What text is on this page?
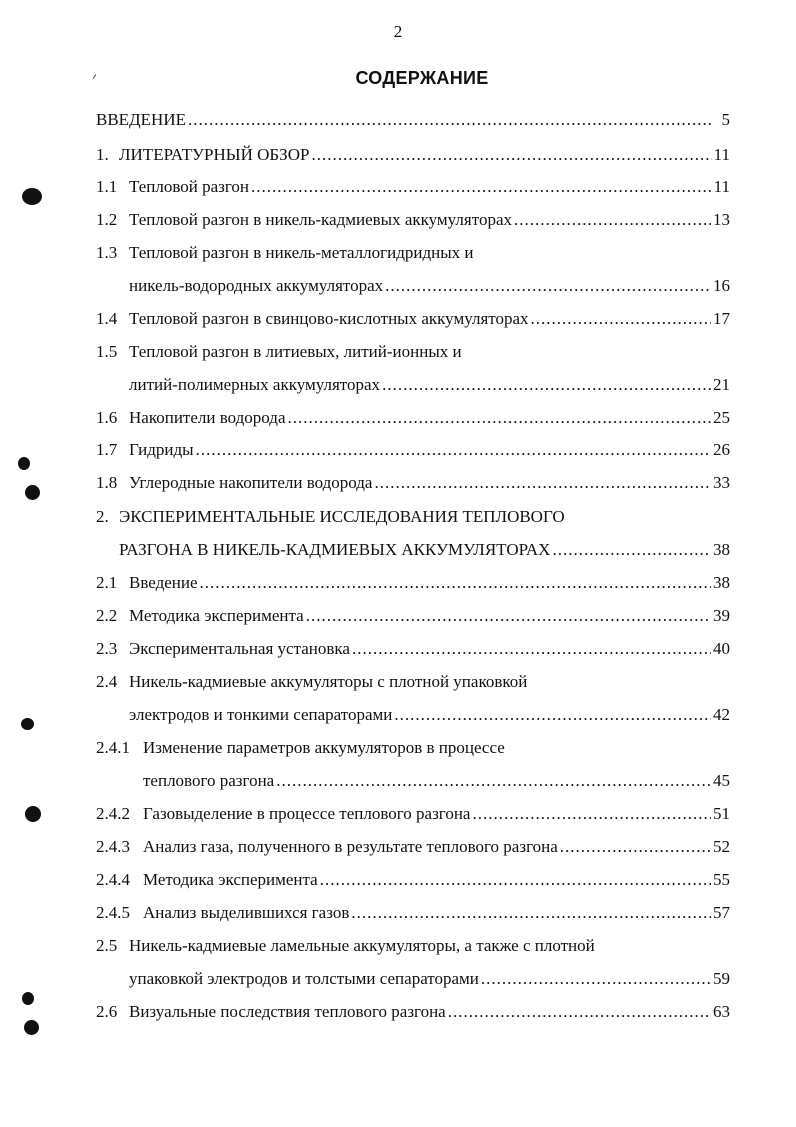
2
СОДЕРЖАНИЕ
ВВЕДЕНИЕ .....	5
1. ЛИТЕРАТУРНЫЙ ОБЗОР .....	11
1.1 Тепловой разгон .....	11
1.2 Тепловой разгон в никель-кадмиевых аккумуляторах .....	13
1.3 Тепловой разгон в никель-металлогидридных и
никель-водородных аккумуляторах .....	16
1.4 Тепловой разгон в свинцово-кислотных аккумуляторах .....	17
1.5 Тепловой разгон в литиевых, литий-ионных и
литий-полимерных аккумуляторах .....	21
1.6 Накопители водорода .....	25
1.7 Гидриды .....	26
1.8 Углеродные накопители водорода .....	33
2. ЭКСПЕРИМЕНТАЛЬНЫЕ ИССЛЕДОВАНИЯ ТЕПЛОВОГО
РАЗГОНА В НИКЕЛЬ-КАДМИЕВЫХ АККУМУЛЯТОРАХ .....	38
2.1 Введение .....	38
2.2 Методика эксперимента .....	39
2.3 Экспериментальная установка .....	40
2.4 Никель-кадмиевые аккумуляторы с плотной упаковкой
электродов и тонкими сепараторами .....	42
2.4.1 Изменение параметров аккумуляторов в процессе
теплового разгона .....	45
2.4.2 Газовыделение в процессе теплового разгона .....	51
2.4.3 Анализ газа, полученного в результате теплового разгона .....	52
2.4.4 Методика эксперимента .....	55
2.4.5 Анализ выделившихся газов .....	57
2.5 Никель-кадмиевые ламельные аккумуляторы, а также с плотной
упаковкой электродов и толстыми сепараторами .....	59
2.6 Визуальные последствия теплового разгона .....	63
